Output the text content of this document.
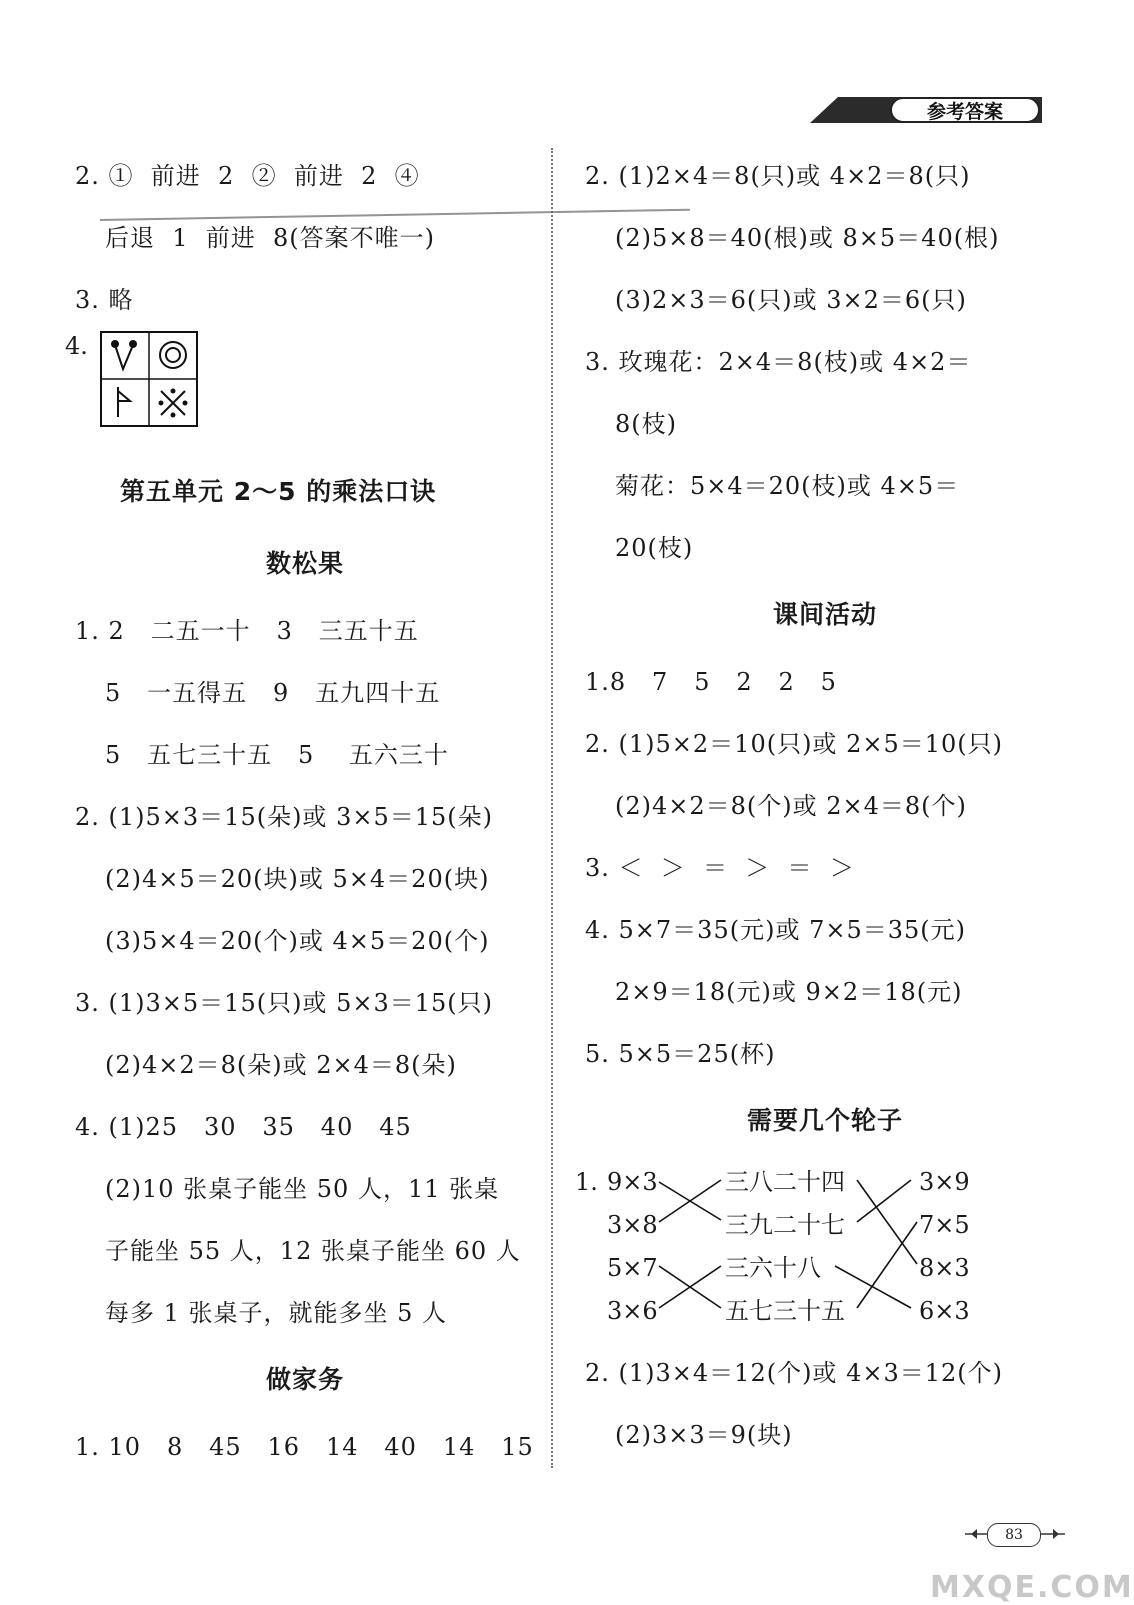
参考答案
2. ①  前进  2  ②  前进  2  ④
后退  1  前进  8(答案不唯一)
3. 略
4.
第五单元 2～5 的乘法口诀
数松果
1. 2   二五一十   3   三五十五
5   一五得五   9   五九四十五
5   五七三十五   5    五六三十
2. (1)5×3＝15(朵)或 3×5＝15(朵)
(2)4×5＝20(块)或 5×4＝20(块)
(3)5×4＝20(个)或 4×5＝20(个)
3. (1)3×5＝15(只)或 5×3＝15(只)
(2)4×2＝8(朵)或 2×4＝8(朵)
4. (1)25   30   35   40   45
(2)10 张桌子能坐 50 人，11 张桌
子能坐 55 人，12 张桌子能坐 60 人
每多 1 张桌子，就能多坐 5 人
做家务
1. 10   8   45   16   14   40   14   15
2. (1)2×4＝8(只)或 4×2＝8(只)
(2)5×8＝40(根)或 8×5＝40(根)
(3)2×3＝6(只)或 3×2＝6(只)
3. 玫瑰花：2×4＝8(枝)或 4×2＝
8(枝)
菊花：5×4＝20(枝)或 4×5＝
20(枝)
课间活动
1.8   7   5   2   2   5
2. (1)5×2＝10(只)或 2×5＝10(只)
(2)4×2＝8(个)或 2×4＝8(个)
3. ＜  ＞  ＝  ＞  ＝  ＞
4. 5×7＝35(元)或 7×5＝35(元)
2×9＝18(元)或 9×2＝18(元)
5. 5×5＝25(杯)
需要几个轮子
1. 9×3
3×8
5×7
3×6
三八二十四
三九二十七
三六十八
五七三十五
3×9
7×5
8×3
6×3
2. (1)3×4＝12(个)或 4×3＝12(个)
(2)3×3＝9(块)
83
MXQE.COM
